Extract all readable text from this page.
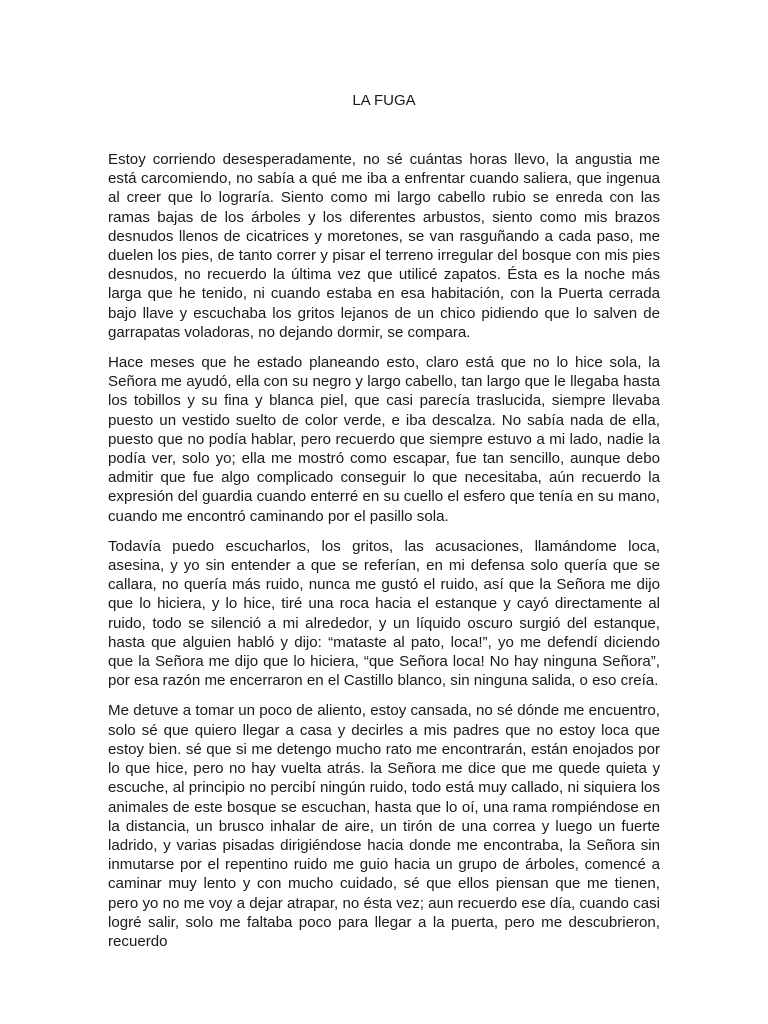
LA FUGA

Estoy corriendo desesperadamente, no sé cuántas horas llevo, la angustia me está carcomiendo, no sabía a qué me iba a enfrentar cuando saliera, que ingenua al creer que lo lograría. Siento como mi largo cabello rubio se enreda con las ramas bajas de los árboles y los diferentes arbustos, siento como mis brazos desnudos llenos de cicatrices y moretones, se van rasguñando a cada paso, me duelen los pies, de tanto correr y pisar el terreno irregular del bosque con mis pies desnudos, no recuerdo la última vez que utilicé zapatos. Ésta es la noche más larga que he tenido, ni cuando estaba en esa habitación, con la Puerta cerrada bajo llave y escuchaba los gritos lejanos de un chico pidiendo que lo salven de garrapatas voladoras, no dejando dormir, se compara.

Hace meses que he estado planeando esto, claro está que no lo hice sola, la Señora me ayudó, ella con su negro y largo cabello, tan largo que le llegaba hasta los tobillos y su fina y blanca piel, que casi parecía traslucida, siempre llevaba puesto un vestido suelto de color verde, e iba descalza. No sabía nada de ella, puesto que no podía hablar, pero recuerdo que siempre estuvo a mi lado, nadie la podía ver, solo yo; ella me mostró como escapar, fue tan sencillo, aunque debo admitir que fue algo complicado conseguir lo que necesitaba, aún recuerdo la expresión del guardia cuando enterré en su cuello el esfero que tenía en su mano, cuando me encontró caminando por el pasillo sola.

Todavía puedo escucharlos, los gritos, las acusaciones, llamándome loca, asesina, y yo sin entender a que se referían, en mi defensa solo quería que se callara, no quería más ruido, nunca me gustó el ruido, así que la Señora me dijo que lo hiciera, y lo hice, tiré una roca hacia el estanque y cayó directamente al ruido, todo se silenció a mi alrededor, y un líquido oscuro surgió del estanque, hasta que alguien habló y dijo: “mataste al pato, loca!”, yo me defendí diciendo que la Señora me dijo que lo hiciera, “que Señora loca! No hay ninguna Señora”, por esa razón me encerraron en el Castillo blanco, sin ninguna salida, o eso creía.

Me detuve a tomar un poco de aliento, estoy cansada, no sé dónde me encuentro, solo sé que quiero llegar a casa y decirles a mis padres que no estoy loca que estoy bien. sé que si me detengo mucho rato me encontrarán, están enojados por lo que hice, pero no hay vuelta atrás. la Señora me dice que me quede quieta y escuche, al principio no percibí ningún ruido, todo está muy callado, ni siquiera los animales de este bosque se escuchan, hasta que lo oí, una rama rompiéndose en la distancia, un brusco inhalar de aire, un tirón de una correa y luego un fuerte ladrido, y varias pisadas dirigiéndose hacia donde me encontraba, la Señora sin inmutarse por el repentino ruido me guio hacia un grupo de árboles, comencé a caminar muy lento y con mucho cuidado, sé que ellos piensan que me tienen, pero yo no me voy a dejar atrapar, no ésta vez; aun recuerdo ese día, cuando casi logré salir, solo me faltaba poco para llegar a la puerta, pero me descubrieron, recuerdo
